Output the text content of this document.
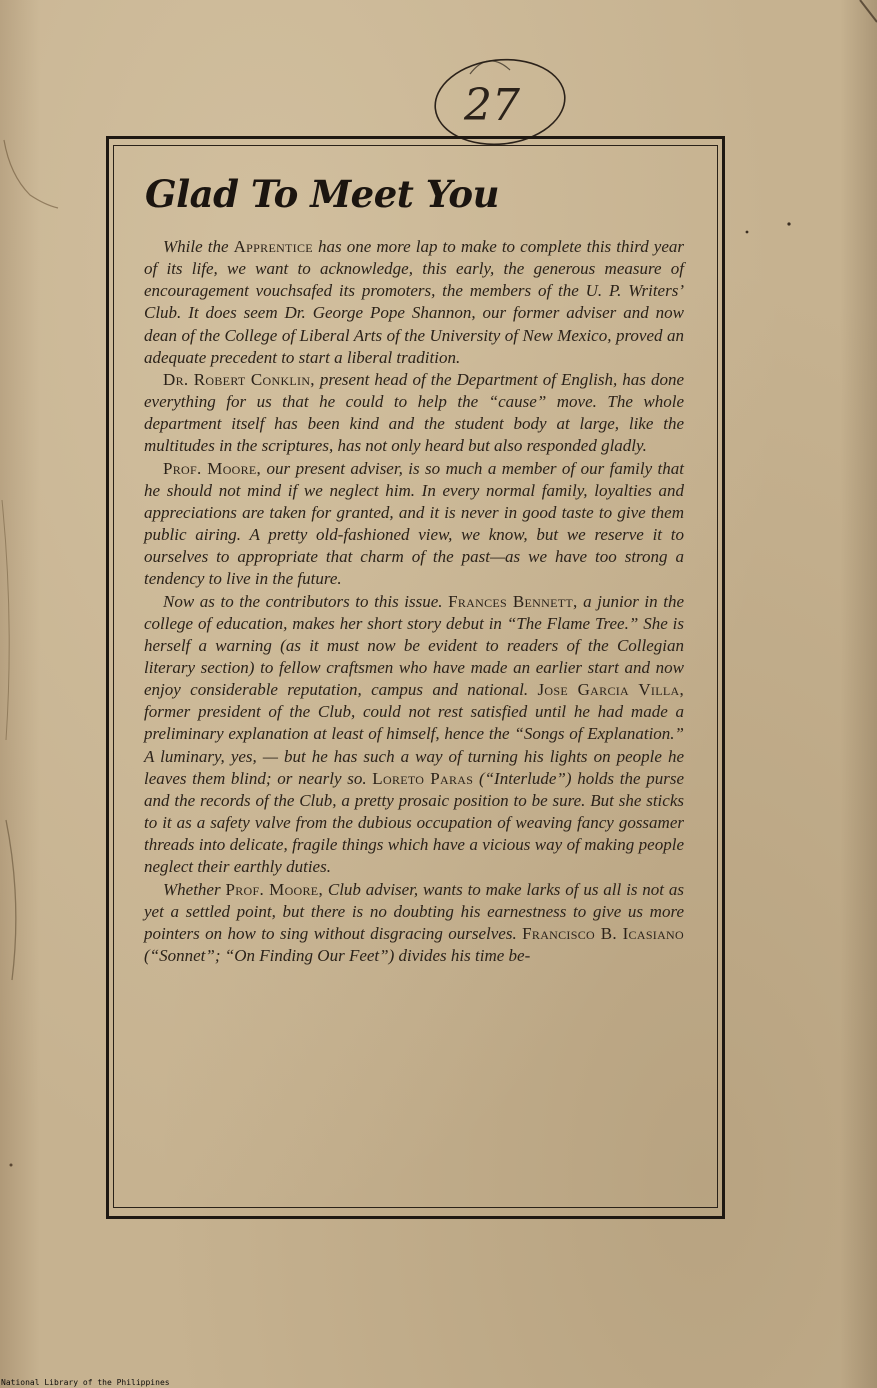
27
Glad To Meet You

While the Apprentice has one more lap to make to complete this third year of its life, we want to acknowledge, this early, the generous measure of encouragement vouchsafed its promoters, the members of the U. P. Writers’ Club. It does seem Dr. George Pope Shannon, our former adviser and now dean of the College of Liberal Arts of the University of New Mexico, proved an adequate precedent to start a liberal tradition.

Dr. Robert Conklin, present head of the Department of English, has done everything for us that he could to help the “cause” move. The whole department itself has been kind and the student body at large, like the multitudes in the scriptures, has not only heard but also responded gladly.

Prof. Moore, our present adviser, is so much a member of our family that he should not mind if we neglect him. In every normal family, loyalties and appreciations are taken for granted, and it is never in good taste to give them public airing. A pretty old-fashioned view, we know, but we reserve it to ourselves to appropriate that charm of the past—as we have too strong a tendency to live in the future.

Now as to the contributors to this issue. Frances Bennett, a junior in the college of education, makes her short story debut in “The Flame Tree.” She is herself a warning (as it must now be evident to readers of the Collegian literary section) to fellow craftsmen who have made an earlier start and now enjoy considerable reputation, campus and national. Jose Garcia Villa, former president of the Club, could not rest satisfied until he had made a preliminary explanation at least of himself, hence the “Songs of Explanation.” A luminary, yes, — but he has such a way of turning his lights on people he leaves them blind; or nearly so. Loreto Paras (“Interlude”) holds the purse and the records of the Club, a pretty prosaic position to be sure. But she sticks to it as a safety valve from the dubious occupation of weaving fancy gossamer threads into delicate, fragile things which have a vicious way of making people neglect their earthly duties.

Whether Prof. Moore, Club adviser, wants to make larks of us all is not as yet a settled point, but there is no doubting his earnestness to give us more pointers on how to sing without disgracing ourselves. Francisco B. Icasiano (“Sonnet”; “On Finding Our Feet”) divides his time be-

National Library of the Philippines
